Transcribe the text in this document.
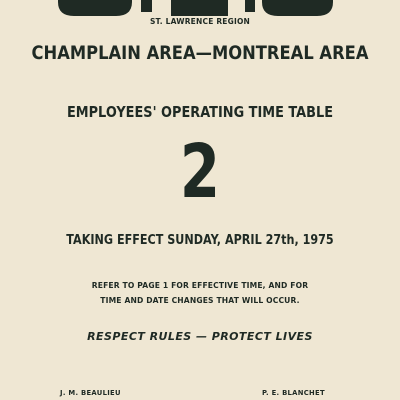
ST. LAWRENCE REGION
CHAMPLAIN AREA—MONTREAL AREA
EMPLOYEES' OPERATING TIME TABLE
2
TAKING EFFECT SUNDAY, APRIL 27th, 1975
REFER TO PAGE 1 FOR EFFECTIVE TIME, AND FOR
TIME AND DATE CHANGES THAT WILL OCCUR.
RESPECT RULES — PROTECT LIVES
J. M. BEAULIEU	P. E. BLANCHET
